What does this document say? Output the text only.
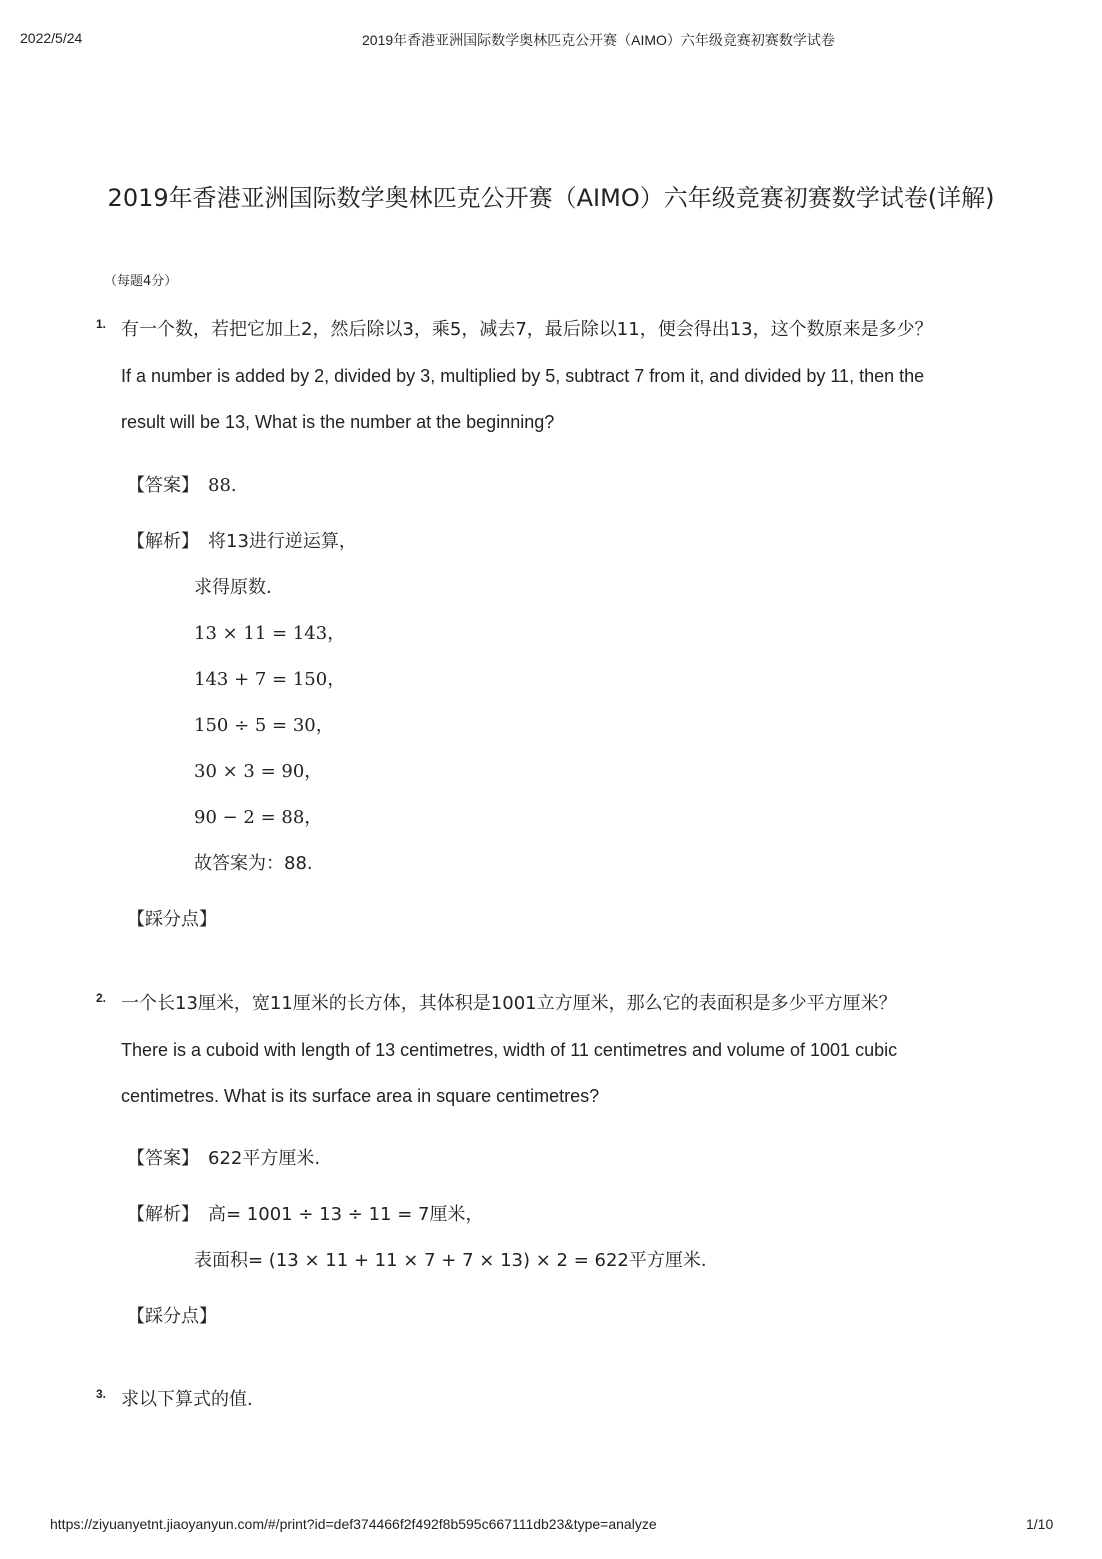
2022/5/24	2019年香港亚洲国际数学奥林匹克公开赛（AIMO）六年级竞赛初赛数学试卷
2019年香港亚洲国际数学奥林匹克公开赛（AIMO）六年级竞赛初赛数学试卷(详解)
（每题4分）
1. 有一个数，若把它加上2，然后除以3，乘5，减去7，最后除以11，便会得出13，这个数原来是多少？
If a number is added by 2, divided by 3, multiplied by 5, subtract 7 from it, and divided by 11, then the
result will be 13, What is the number at the beginning?
【答案】 88.
【解析】 将13进行逆运算，
求得原数.
13 × 11 = 143，
143 + 7 = 150，
150 ÷ 5 = 30，
30 × 3 = 90，
90 − 2 = 88，
故答案为：88.
【踩分点】
2. 一个长13厘米，宽11厘米的长方体，其体积是1001立方厘米，那么它的表面积是多少平方厘米？
There is a cuboid with length of 13 centimetres, width of 11 centimetres and volume of 1001 cubic
centimetres. What is its surface area in square centimetres?
【答案】 622平方厘米.
【解析】 高= 1001 ÷ 13 ÷ 11 = 7厘米，
表面积= (13 × 11 + 11 × 7 + 7 × 13) × 2 = 622平方厘米.
【踩分点】
3. 求以下算式的值.
https://ziyuanyetnt.jiaoyanyun.com/#/print?id=def374466f2f492f8b595c667111db23&type=analyze	1/10
